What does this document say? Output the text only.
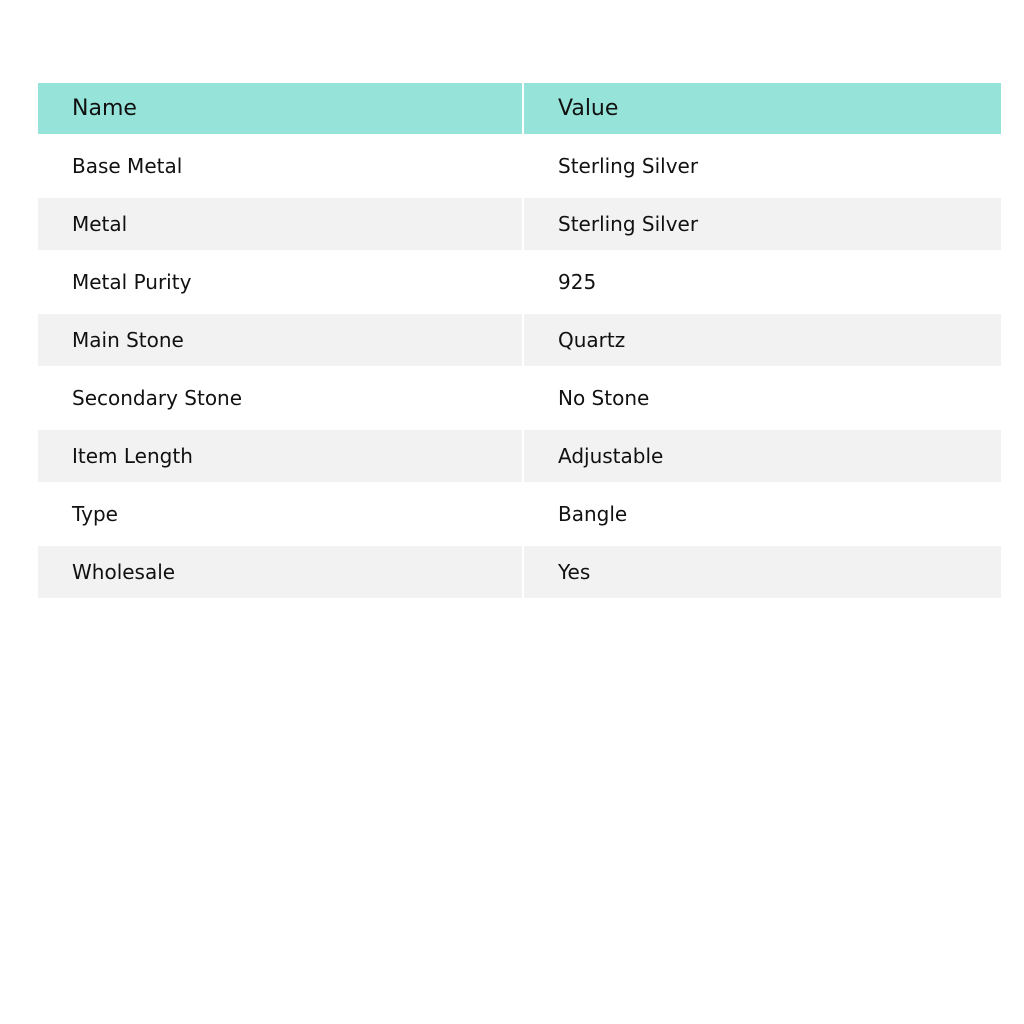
Name	Value
Base Metal	Sterling Silver
Metal	Sterling Silver
Metal Purity	925
Main Stone	Quartz
Secondary Stone	No Stone
Item Length	Adjustable
Type	Bangle
Wholesale	Yes
